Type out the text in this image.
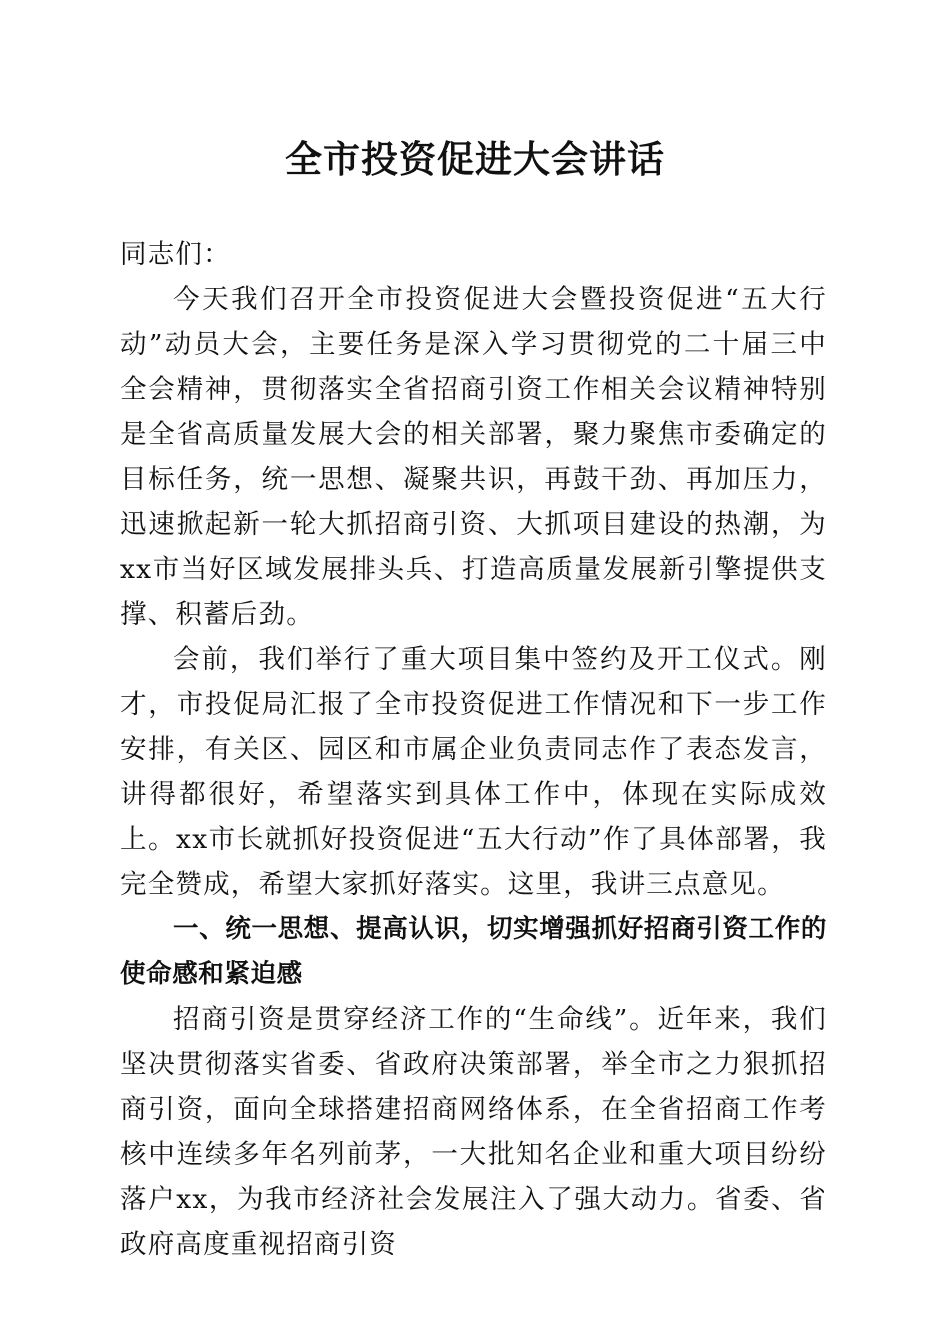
全市投资促进大会讲话

同志们：

今天我们召开全市投资促进大会暨投资促进“五大行动”动员大会，主要任务是深入学习贯彻党的二十届三中全会精神，贯彻落实全省招商引资工作相关会议精神特别是全省高质量发展大会的相关部署，聚力聚焦市委确定的目标任务，统一思想、凝聚共识，再鼓干劲、再加压力，迅速掀起新一轮大抓招商引资、大抓项目建设的热潮，为xx市当好区域发展排头兵、打造高质量发展新引擎提供支撑、积蓄后劲。

会前，我们举行了重大项目集中签约及开工仪式。刚才，市投促局汇报了全市投资促进工作情况和下一步工作安排，有关区、园区和市属企业负责同志作了表态发言，讲得都很好，希望落实到具体工作中，体现在实际成效上。xx市长就抓好投资促进“五大行动”作了具体部署，我完全赞成，希望大家抓好落实。这里，我讲三点意见。

一、统一思想、提高认识，切实增强抓好招商引资工作的使命感和紧迫感

招商引资是贯穿经济工作的“生命线”。近年来，我们坚决贯彻落实省委、省政府决策部署，举全市之力狠抓招商引资，面向全球搭建招商网络体系，在全省招商工作考核中连续多年名列前茅，一大批知名企业和重大项目纷纷落户xx，为我市经济社会发展注入了强大动力。省委、省政府高度重视招商引资
